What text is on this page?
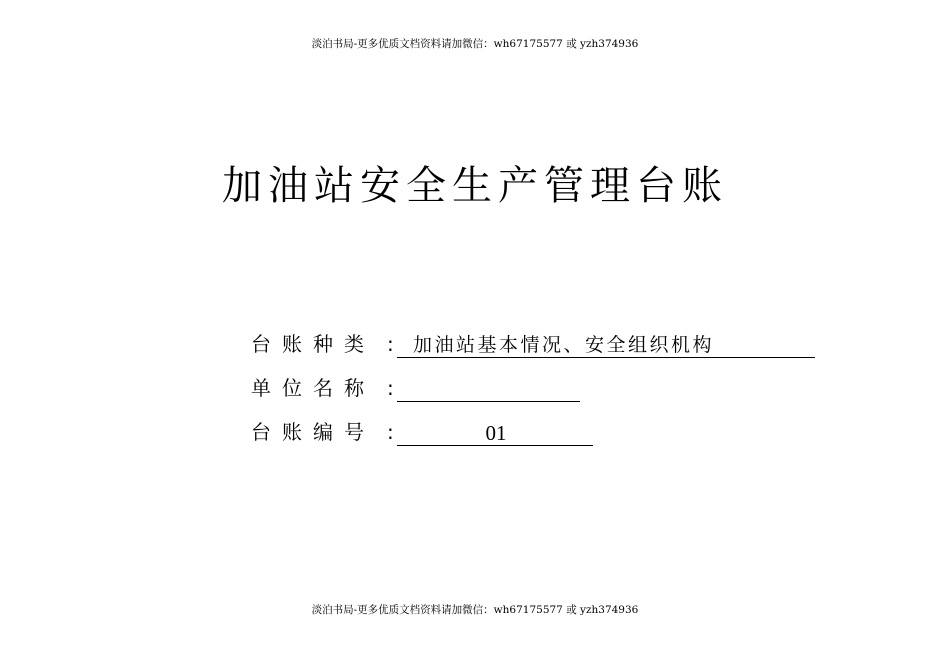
淡泊书局-更多优质文档资料请加微信：wh67175577 或 yzh374936
加油站安全生产管理台账
台账种类 :	加油站基本情况、安全组织机构
单位名称 :
台账编号 :	01
淡泊书局-更多优质文档资料请加微信：wh67175577 或 yzh374936
